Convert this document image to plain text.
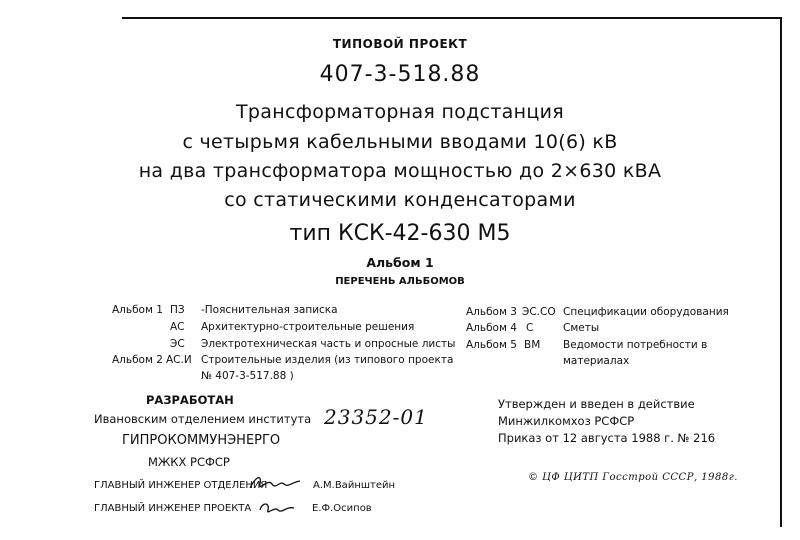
ТИПОВОЙ ПРОЕКТ
407-3-518.88
Трансформаторная подстанция
с четырьмя кабельными вводами 10(6) кВ
на два трансформатора мощностью до 2×630 кВА
со статическими конденсаторами
тип КСК-42-630 М5
Альбом 1
ПЕРЕЧЕНЬ АЛЬБОМОВ
Альбом 1 ПЗ -Пояснительная записка
АС Архитектурно-строительные решения
ЭС Электротехническая часть и опросные листы
Альбом 2 АС.И Строительные изделия (из типового проекта
№ 407-3-517.88 )
Альбом 3 ЭС.СО Спецификации оборудования
Альбом 4 С	Сметы
Альбом 5 ВМ Ведомости потребности в
материалах
РАЗРАБОТАН
Ивановским отделением института
ГИПРОКОММУНЭНЕРГО
МЖКХ РСФСР
23352-01
Утвержден и введен в действие
Минжилкомхоз РСФСР
Приказ от 12 августа 1988 г. № 216
ГЛАВНЫЙ ИНЖЕНЕР ОТДЕЛЕНИЯ	А.М.Вайнштейн
ГЛАВНЫЙ ИНЖЕНЕР ПРОЕКТА	Е.Ф.Осипов
© ЦФ ЦИТП Госстрой СССР, 1988г.
